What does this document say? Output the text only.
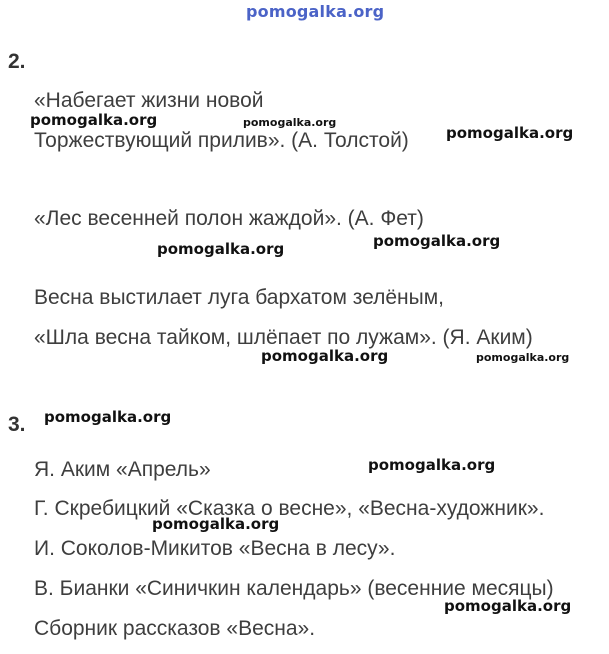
pomogalka.org
2.
«Набегает жизни новой
Торжествующий прилив». (А. Толстой)
«Лес весенней полон жаждой». (А. Фет)
Весна выстилает луга бархатом зелёным,
«Шла весна тайком, шлёпает по лужам». (Я. Аким)
3.
Я. Аким «Апрель»
Г. Скребицкий «Сказка о весне», «Весна-художник».
И. Соколов-Микитов «Весна в лесу».
В. Бианки «Синичкин календарь» (весенние месяцы)
Сборник рассказов «Весна».
pomogalka.org	pomogalka.org
pomogalka.org
pomogalka.org
pomogalka.org
pomogalka.org	pomogalka.org
pomogalka.org
pomogalka.org
pomogalka.org
pomogalka.org
